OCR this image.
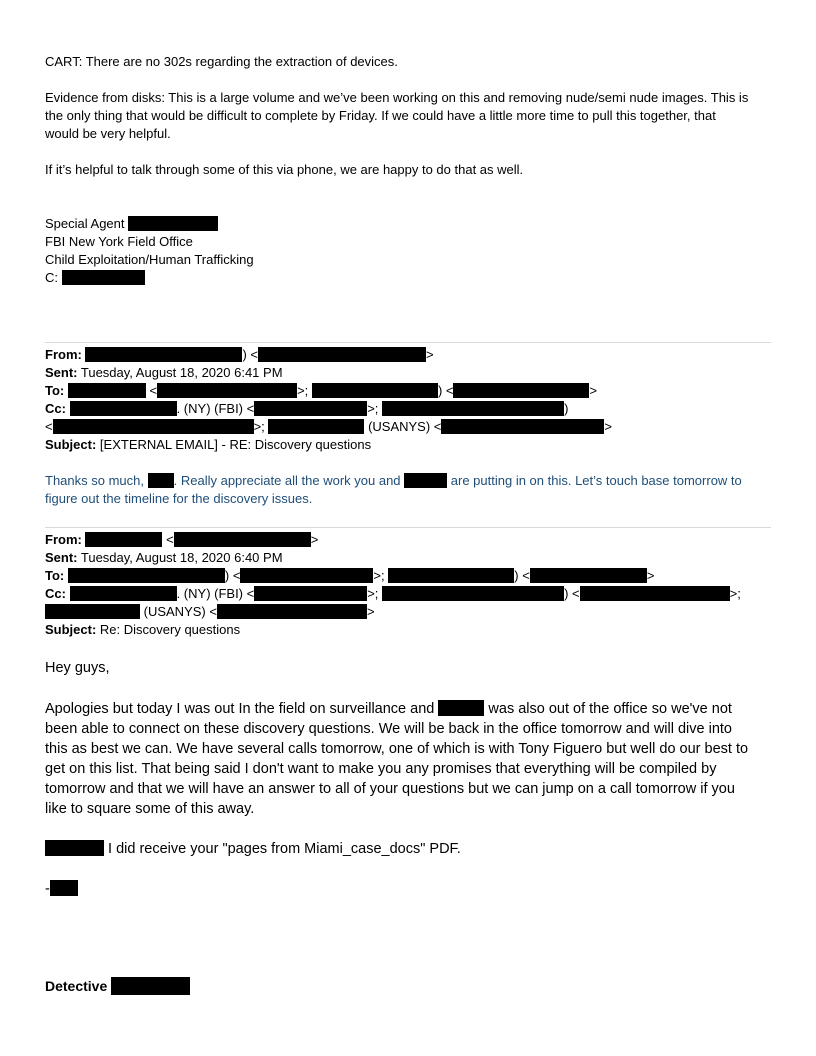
CART: There are no 302s regarding the extraction of devices.
Evidence from disks: This is a large volume and we’ve been working on this and removing nude/semi nude images. This is
the only thing that would be difficult to complete by Friday. If we could have a little more time to pull this together, that
would be very helpful.
If it’s helpful to talk through some of this via phone, we are happy to do that as well.
Special Agent
FBI New York Field Office
Child Exploitation/Human Trafficking
C:
From:	) <	>
Sent: Tuesday, August 18, 2020 6:41 PM
To:	<	>;	) <	>
Cc:	. (NY) (FBI) <	>;	)
<	>;	(USANYS) <	>
Subject: [EXTERNAL EMAIL] - RE: Discovery questions
Thanks so much, . Really appreciate all the work you and	are putting in on this. Let’s touch base tomorrow to
figure out the timeline for the discovery issues.
From:	<	>
Sent: Tuesday, August 18, 2020 6:40 PM
To:	) <	>;	) <	>
Cc:	. (NY) (FBI) <	>;	) <	>;
(USANYS) <	>
Subject: Re: Discovery questions
Hey guys,
Apologies but today I was out In the field on surveillance and	was also out of the office so we've not
been able to connect on these discovery questions. We will be back in the office tomorrow and will dive into
this as best we can. We have several calls tomorrow, one of which is with Tony Figuero but well do our best to
get on this list. That being said I don't want to make you any promises that everything will be compiled by
tomorrow and that we will have an answer to all of your questions but we can jump on a call tomorrow if you
like to square some of this away.
I did receive your "pages from Miami_case_docs" PDF.
-
Detective
